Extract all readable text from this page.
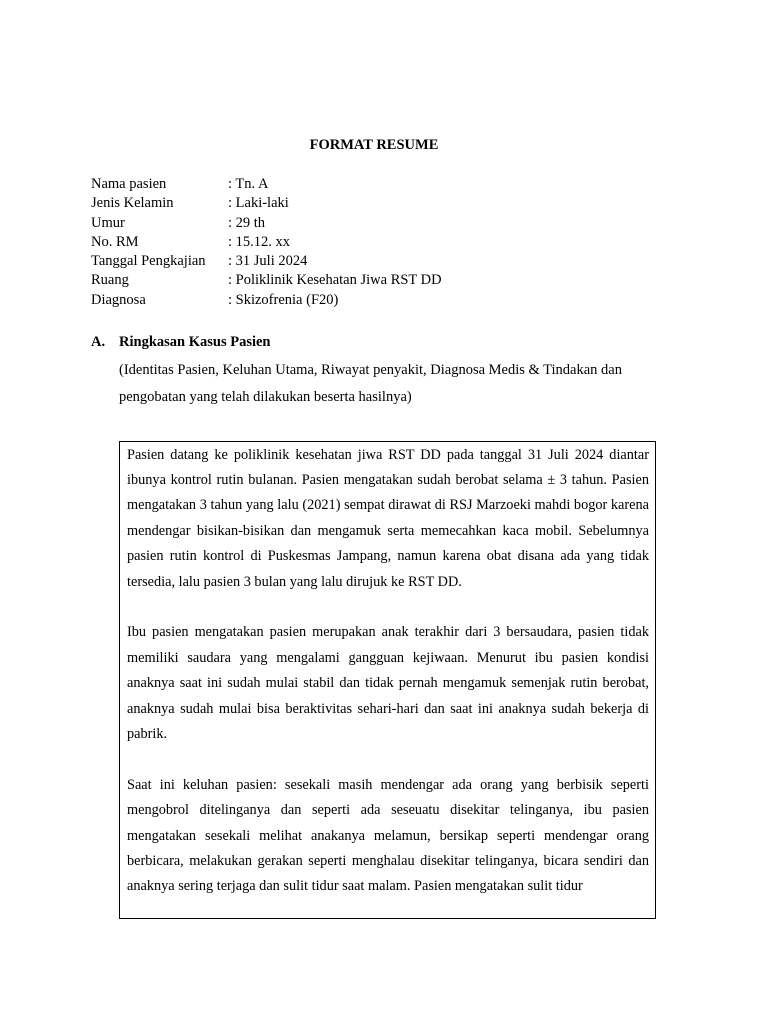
FORMAT RESUME
Nama pasien	: Tn. A
Jenis Kelamin	: Laki-laki
Umur	: 29 th
No. RM	: 15.12. xx
Tanggal Pengkajian : 31 Juli 2024
Ruang	: Poliklinik Kesehatan Jiwa RST DD
Diagnosa	: Skizofrenia (F20)
A. Ringkasan Kasus Pasien
(Identitas Pasien, Keluhan Utama, Riwayat penyakit, Diagnosa Medis & Tindakan dan pengobatan yang telah dilakukan beserta hasilnya)

Pasien datang ke poliklinik kesehatan jiwa RST DD pada tanggal 31 Juli 2024 diantar ibunya kontrol rutin bulanan. Pasien mengatakan sudah berobat selama ± 3 tahun. Pasien mengatakan 3 tahun yang lalu (2021) sempat dirawat di RSJ Marzoeki mahdi bogor karena mendengar bisikan-bisikan dan mengamuk serta memecahkan kaca mobil. Sebelumnya pasien rutin kontrol di Puskesmas Jampang, namun karena obat disana ada yang tidak tersedia, lalu pasien 3 bulan yang lalu dirujuk ke RST DD.

Ibu pasien mengatakan pasien merupakan anak terakhir dari 3 bersaudara, pasien tidak memiliki saudara yang mengalami gangguan kejiwaan. Menurut ibu pasien kondisi anaknya saat ini sudah mulai stabil dan tidak pernah mengamuk semenjak rutin berobat, anaknya sudah mulai bisa beraktivitas sehari-hari dan saat ini anaknya sudah bekerja di pabrik.

Saat ini keluhan pasien: sesekali masih mendengar ada orang yang berbisik seperti mengobrol ditelinganya dan seperti ada seseuatu disekitar telinganya, ibu pasien mengatakan sesekali melihat anakanya melamun, bersikap seperti mendengar orang berbicara, melakukan gerakan seperti menghalau disekitar telinganya, bicara sendiri dan anaknya sering terjaga dan sulit tidur saat malam. Pasien mengatakan sulit tidur
